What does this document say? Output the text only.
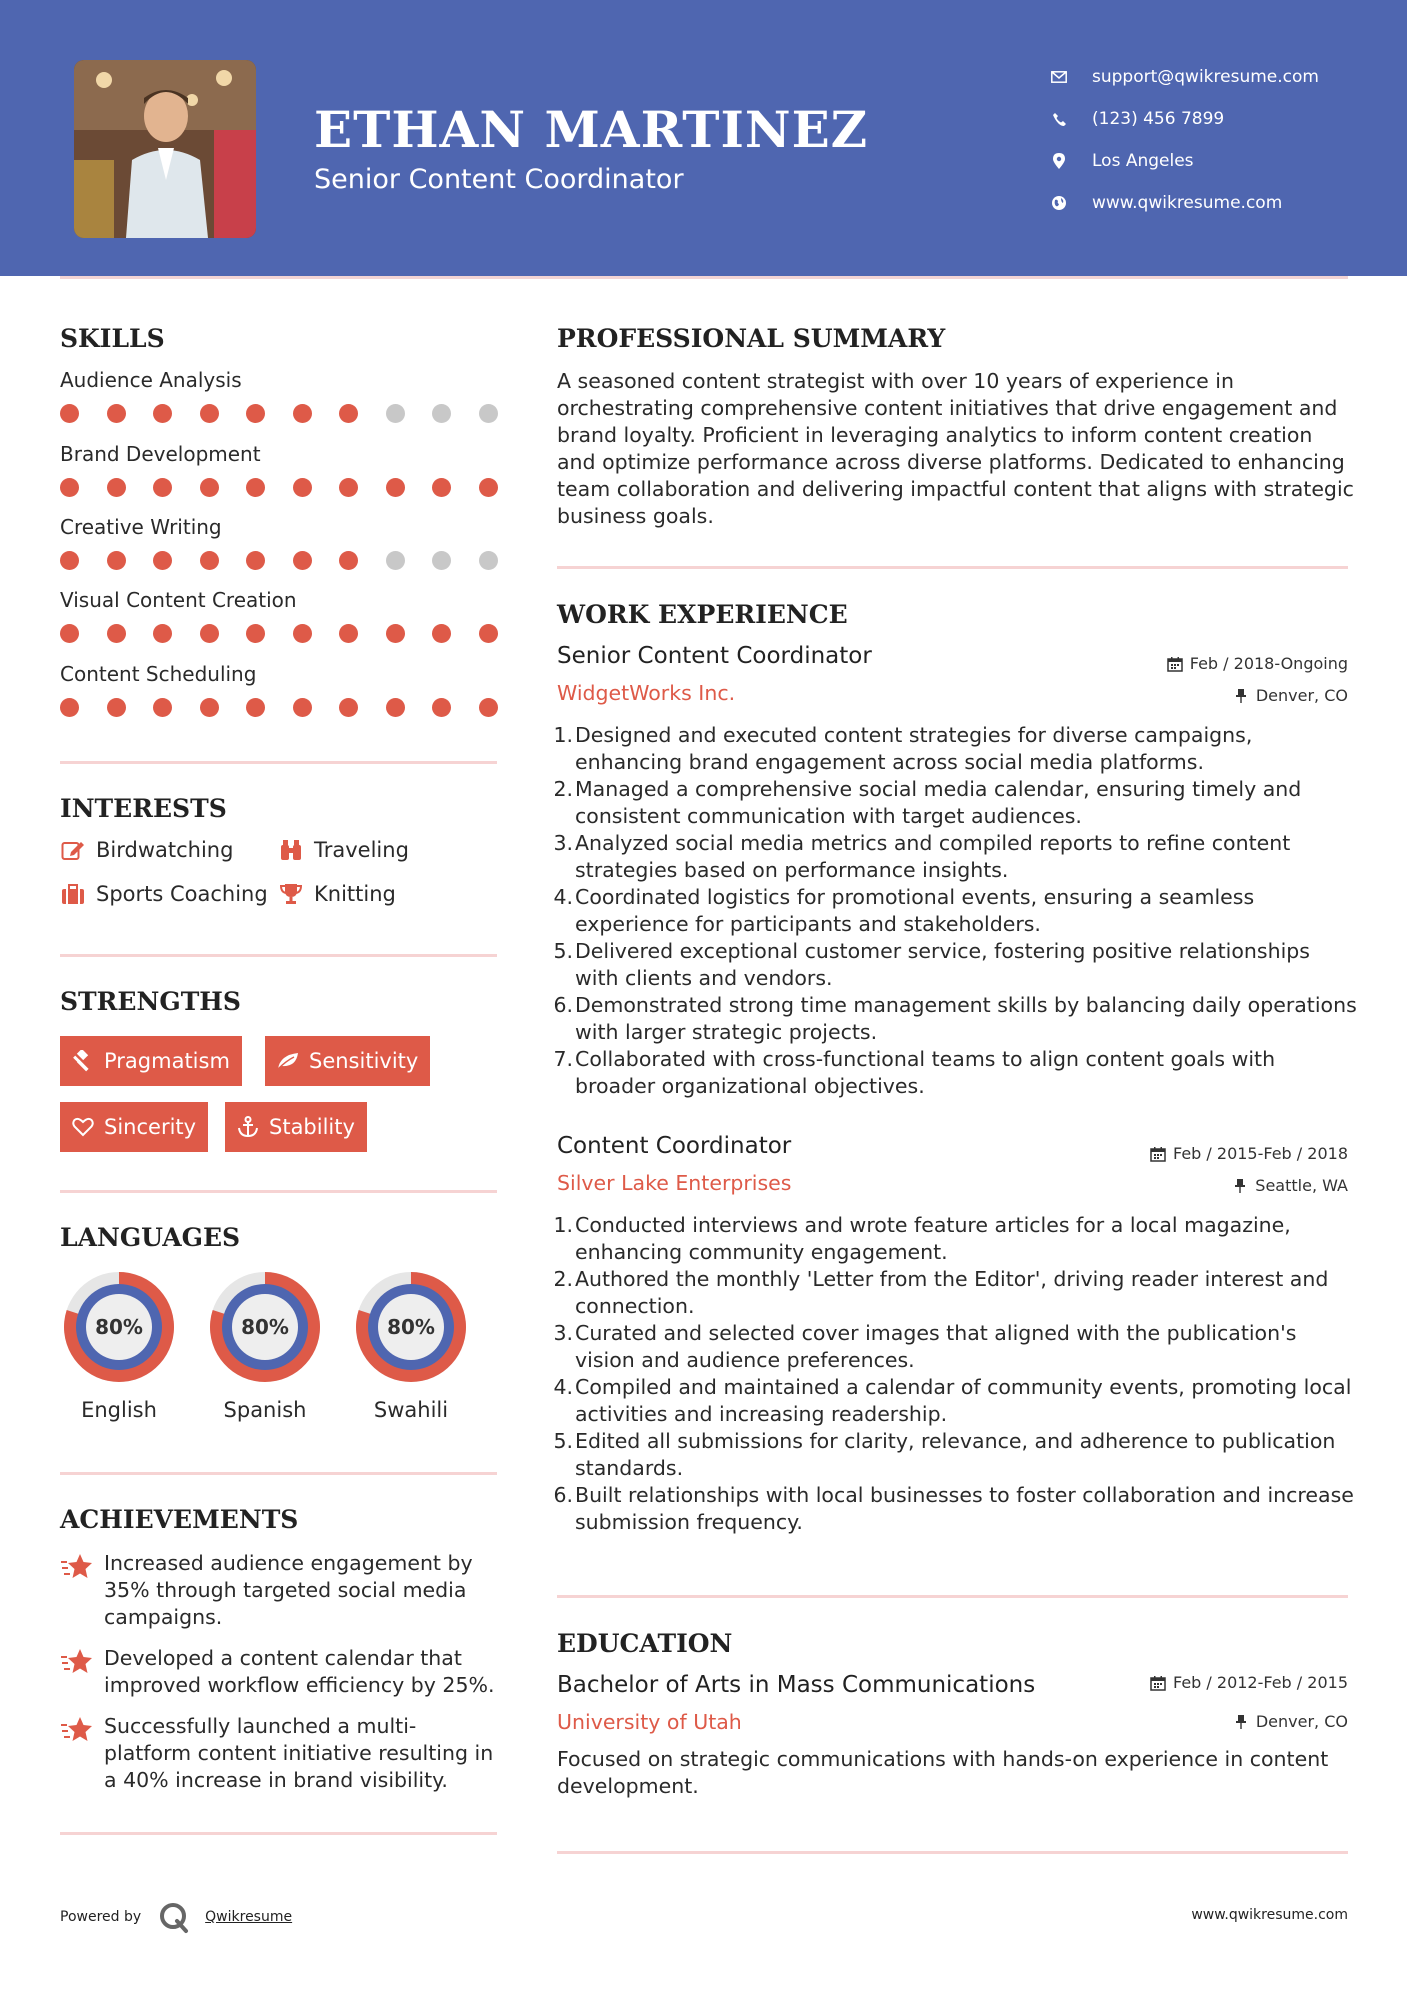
ETHAN MARTINEZ
Senior Content Coordinator
support@qwikresume.com
(123) 456 7899
Los Angeles
www.qwikresume.com
SKILLS
Audience Analysis
Brand Development
Creative Writing
Visual Content Creation
Content Scheduling
INTERESTS
Birdwatching	Traveling
Sports Coaching Knitting
STRENGTHS
Pragmatism	Sensitivity
Sincerity	Stability
LANGUAGES
80%
English
80%
Spanish
80%
Swahili
ACHIEVEMENTS
Increased audience engagement by 35% through targeted social media campaigns.
Developed a content calendar that improved workflow efficiency by 25%.
Successfully launched a multi-platform content initiative resulting in a 40% increase in brand visibility.
PROFESSIONAL SUMMARY
A seasoned content strategist with over 10 years of experience in orchestrating comprehensive content initiatives that drive engagement and brand loyalty. Proficient in leveraging analytics to inform content creation and optimize performance across diverse platforms. Dedicated to enhancing team collaboration and delivering impactful content that aligns with strategic business goals.
WORK EXPERIENCE
Senior Content Coordinator	Feb / 2018-Ongoing
WidgetWorks Inc.	Denver, CO
1. Designed and executed content strategies for diverse campaigns, enhancing brand engagement across social media platforms.
2. Managed a comprehensive social media calendar, ensuring timely and consistent communication with target audiences.
3. Analyzed social media metrics and compiled reports to refine content strategies based on performance insights.
4. Coordinated logistics for promotional events, ensuring a seamless experience for participants and stakeholders.
5. Delivered exceptional customer service, fostering positive relationships with clients and vendors.
6. Demonstrated strong time management skills by balancing daily operations with larger strategic projects.
7. Collaborated with cross-functional teams to align content goals with broader organizational objectives.
Content Coordinator	Feb / 2015-Feb / 2018
Silver Lake Enterprises	Seattle, WA
1. Conducted interviews and wrote feature articles for a local magazine, enhancing community engagement.
2. Authored the monthly 'Letter from the Editor', driving reader interest and connection.
3. Curated and selected cover images that aligned with the publication's vision and audience preferences.
4. Compiled and maintained a calendar of community events, promoting local activities and increasing readership.
5. Edited all submissions for clarity, relevance, and adherence to publication standards.
6. Built relationships with local businesses to foster collaboration and increase submission frequency.
EDUCATION
Bachelor of Arts in Mass Communications	Feb / 2012-Feb / 2015
University of Utah	Denver, CO
Focused on strategic communications with hands-on experience in content development.
Powered by	Qwikresume	www.qwikresume.com
